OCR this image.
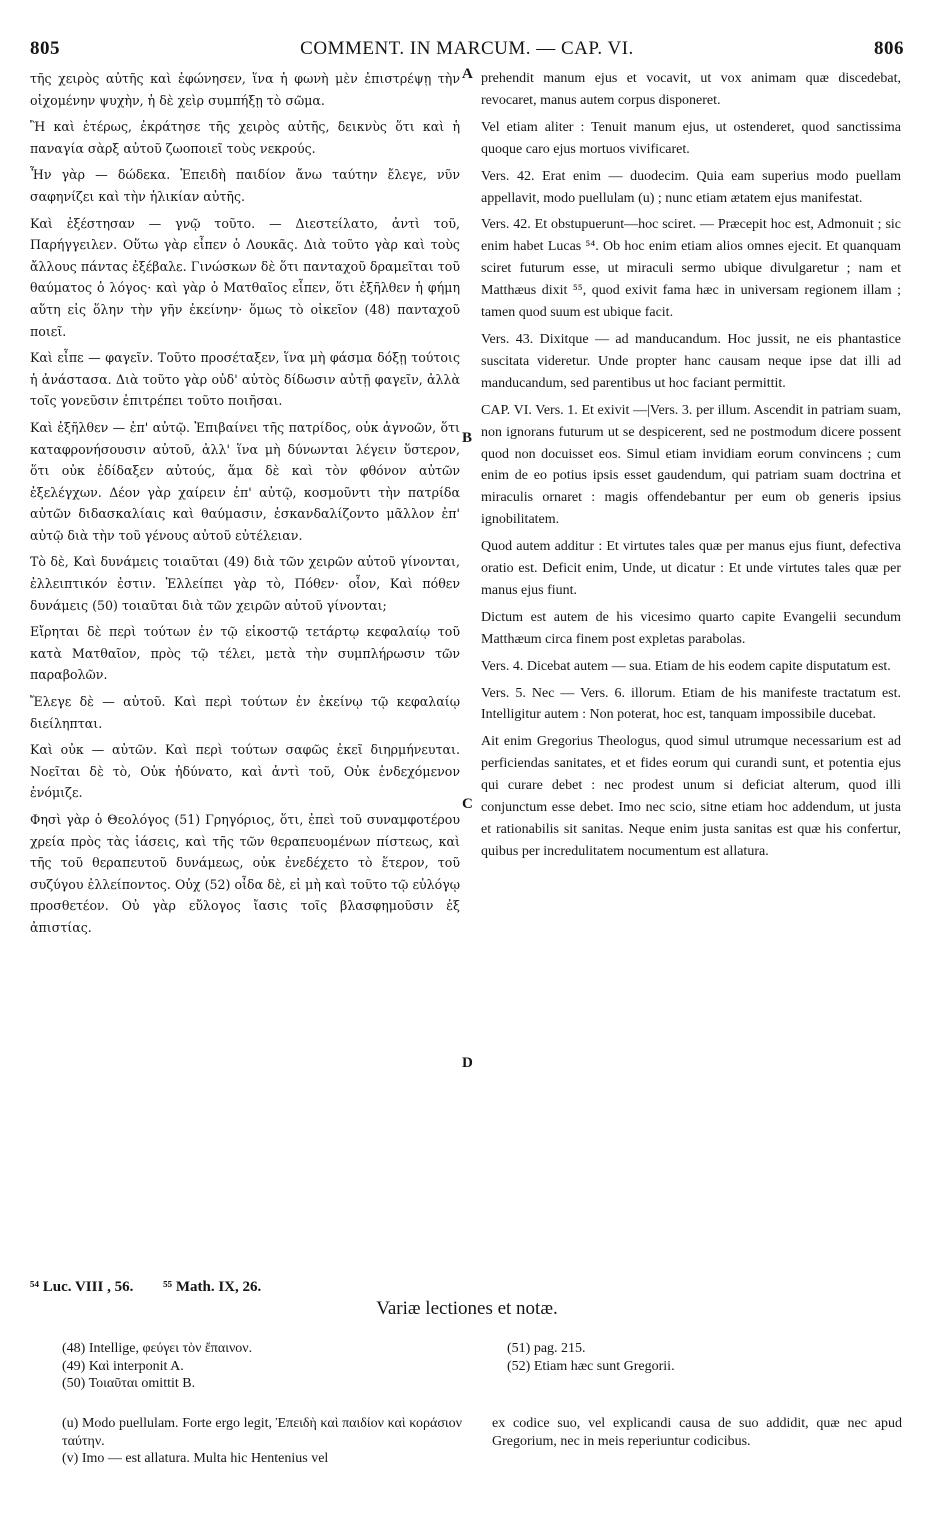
805	COMMENT. IN MARCUM. — CAP. VI.	806

τῆς χειρὸς αὐτῆς καὶ ἐφώνησεν, ἵνα ἡ φωνὴ μὲν ἐπιστρέψῃ τὴν οἰχομένην ψυχὴν, ἡ δὲ χεὶρ συμπήξῃ τὸ σῶμα.

Ἢ καὶ ἑτέρως, ἐκράτησε τῆς χειρὸς αὐτῆς, δεικνὺς ὅτι καὶ ἡ παναγία σὰρξ αὐτοῦ ζωοποιεῖ τοὺς νεκρούς.

Ἦν γὰρ — δώδεκα. Ἐπειδὴ παιδίον ἄνω ταύτην ἔλεγε, νῦν σαφηνίζει καὶ τὴν ἡλικίαν αὐτῆς.

Καὶ ἐξέστησαν — γνῷ τοῦτο. — Διεστείλατο, ἀντὶ τοῦ, Παρήγγειλεν. Οὕτω γὰρ εἶπεν ὁ Λουκᾶς. Διὰ τοῦτο γὰρ καὶ τοὺς ἄλλους πάντας ἐξέβαλε. Γινώσκων δὲ ὅτι πανταχοῦ δραμεῖται τοῦ θαύματος ὁ λόγος· καὶ γὰρ ὁ Ματθαῖος εἶπεν, ὅτι ἐξῆλθεν ἡ φήμη αὕτη εἰς ὅλην τὴν γῆν ἐκείνην· ὅμως τὸ οἰκεῖον (48) πανταχοῦ ποιεῖ.

Καὶ εἶπε — φαγεῖν. Τοῦτο προσέταξεν, ἵνα μὴ φάσμα δόξῃ τούτοις ἡ ἀνάστασα. Διὰ τοῦτο γὰρ οὐδ' αὐτὸς δίδωσιν αὐτῇ φαγεῖν, ἀλλὰ τοῖς γονεῦσιν ἐπιτρέπει τοῦτο ποιῆσαι.

Καὶ ἐξῆλθεν — ἐπ' αὐτῷ. Ἐπιβαίνει τῆς πατρίδος, οὐκ ἀγνοῶν, ὅτι καταφρονήσουσιν αὐτοῦ, ἀλλ' ἵνα μὴ δύνωνται λέγειν ὕστερον, ὅτι οὐκ ἐδίδαξεν αὐτούς, ἅμα δὲ καὶ τὸν φθόνον αὐτῶν ἐξελέγχων. Δέον γὰρ χαίρειν ἐπ' αὐτῷ, κοσμοῦντι τὴν πατρίδα αὐτῶν διδασκαλίαις καὶ θαύμασιν, ἐσκανδαλίζοντο μᾶλλον ἐπ' αὐτῷ διὰ τὴν τοῦ γένους αὐτοῦ εὐτέλειαν.

Τὸ δὲ, Καὶ δυνάμεις τοιαῦται (49) διὰ τῶν χειρῶν αὐτοῦ γίνονται, ἐλλειπτικόν ἐστιν. Ἐλλείπει γὰρ τὸ, Πόθεν· οἷον, Καὶ πόθεν δυνάμεις (50) τοιαῦται διὰ τῶν χειρῶν αὐτοῦ γίνονται;

Εἴρηται δὲ περὶ τούτων ἐν τῷ εἰκοστῷ τετάρτῳ κεφαλαίῳ τοῦ κατὰ Ματθαῖον, πρὸς τῷ τέλει, μετὰ τὴν συμπλήρωσιν τῶν παραβολῶν.

Ἔλεγε δὲ — αὐτοῦ. Καὶ περὶ τούτων ἐν ἐκείνῳ τῷ κεφαλαίῳ διείληπται.

Καὶ οὐκ — αὐτῶν. Καὶ περὶ τούτων σαφῶς ἐκεῖ διηρμήνευται. Νοεῖται δὲ τὸ, Οὐκ ἠδύνατο, καὶ ἀντὶ τοῦ, Οὐκ ἐνδεχόμενον ἐνόμιζε.

Φησὶ γὰρ ὁ Θεολόγος (51) Γρηγόριος, ὅτι, ἐπεὶ τοῦ συναμφοτέρου χρεία πρὸς τὰς ἰάσεις, καὶ τῆς τῶν θεραπευομένων πίστεως, καὶ τῆς τοῦ θεραπευτοῦ δυνάμεως, οὐκ ἐνεδέχετο τὸ ἕτερον, τοῦ συζύγου ἐλλείποντος. Οὐχ (52) οἶδα δὲ, εἰ μὴ καὶ τοῦτο τῷ εὐλόγῳ προσθετέον. Οὐ γὰρ εὔλογος ἴασις τοῖς βλασφημοῦσιν ἐξ ἀπιστίας.

A
B
C
D

prehendit manum ejus et vocavit, ut vox animam quæ discedebat, revocaret, manus autem corpus disponeret.

Vel etiam aliter : Tenuit manum ejus, ut ostenderet, quod sanctissima quoque caro ejus mortuos vivificaret.

Vers. 42. Erat enim — duodecim. Quia eam superius modo puellam appellavit, modo puellulam (u) ; nunc etiam ætatem ejus manifestat.

Vers. 42. Et obstupuerunt—hoc sciret. — Præcepit hoc est, Admonuit ; sic enim habet Lucas ⁵⁴. Ob hoc enim etiam alios omnes ejecit. Et quanquam sciret futurum esse, ut miraculi sermo ubique divulgaretur ; nam et Matthæus dixit ⁵⁵, quod exivit fama hæc in universam regionem illam ; tamen quod suum est ubique facit.

Vers. 43. Dixitque — ad manducandum. Hoc jussit, ne eis phantastice suscitata videretur. Unde propter hanc causam neque ipse dat illi ad manducandum, sed parentibus ut hoc faciant permittit.

CAP. VI. Vers. 1. Et exivit —|Vers. 3. per illum. Ascendit in patriam suam, non ignorans futurum ut se despicerent, sed ne postmodum dicere possent quod non docuisset eos. Simul etiam invidiam eorum convincens ; cum enim de eo potius ipsis esset gaudendum, qui patriam suam doctrina et miraculis ornaret : magis offendebantur per eum ob generis ipsius ignobilitatem.

Quod autem additur : Et virtutes tales quæ per manus ejus fiunt, defectiva oratio est. Deficit enim, Unde, ut dicatur : Et unde virtutes tales quæ per manus ejus fiunt.

Dictum est autem de his vicesimo quarto capite Evangelii secundum Matthæum circa finem post expletas parabolas.

Vers. 4. Dicebat autem — sua. Etiam de his eodem capite disputatum est.

Vers. 5. Nec — Vers. 6. illorum. Etiam de his manifeste tractatum est. Intelligitur autem : Non poterat, hoc est, tanquam impossibile ducebat.

Ait enim Gregorius Theologus, quod simul utrumque necessarium est ad perficiendas sanitates, et et fides eorum qui curandi sunt, et potentia ejus qui curare debet : nec prodest unum si deficiat alterum, quod illi conjunctum esse debet. Imo nec scio, sitne etiam hoc addendum, ut justa et rationabilis sit sanitas. Neque enim justa sanitas est quæ his confertur, quibus per incredulitatem nocumentum est allatura.

⁵⁴ Luc. VIII , 56. ⁵⁵ Math. IX, 26.
Variæ lectiones et notæ.
(48) Intellige, φεύγει τὸν ἔπαινον.
(49) Καὶ interponit A.
(50) Τοιαῦται omittit B.
(51) pag. 215.
(52) Etiam hæc sunt Gregorii.
(u) Modo puellulam. Forte ergo legit, Ἐπειδὴ καὶ παιδίον καὶ κοράσιον ταύτην.
(v) Imo — est allatura. Multa hic Hentenius vel
ex codice suo, vel explicandi causa de suo addidit, quæ nec apud Gregorium, nec in meis reperiuntur codicibus.
